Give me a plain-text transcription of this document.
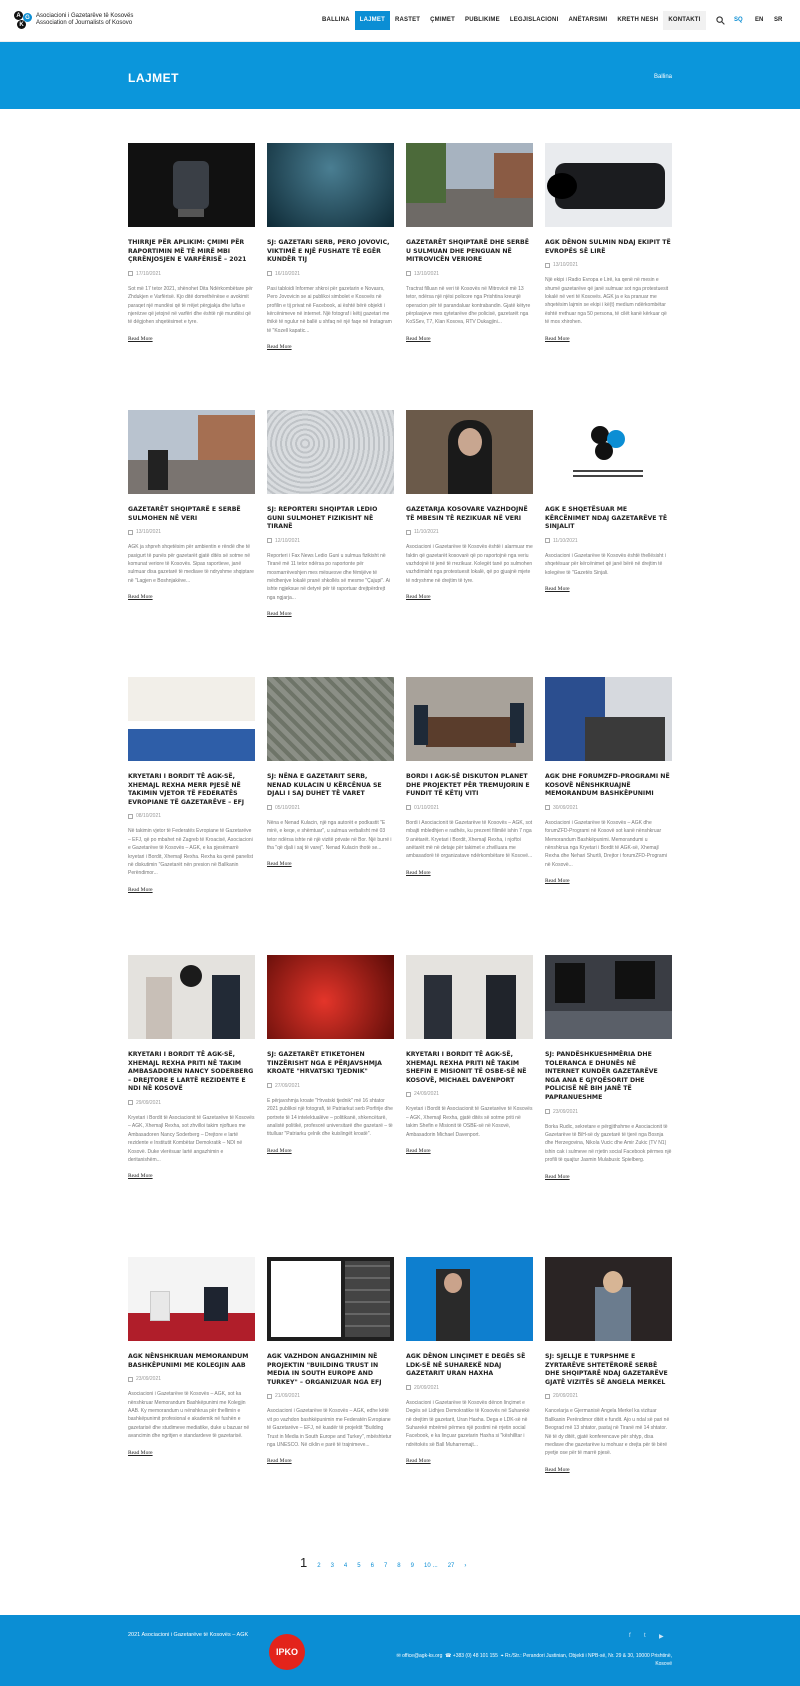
A G
K
Asociacioni i Gazetarëve të Kosovës
Association of Journalists of Kosovo	BALLINA	LAJMET	RASTET	ÇMIMET	PUBLIKIME	LEGJISLACIONI	ANËTARSIMI	KRETH NESH	KONTAKTI	SQ EN SR
LAJMET	Ballina
THIRRJE PËR APLIKIM: ÇMIMI PËR RAPORTIMIN MË TË MIRË MBI ÇRRËNJOSJEN E VARFËRISË – 2021
17/10/2021
Sot më 17 tetor 2021, shënohet Dita Ndërkombëtare për Zhdukjen e Varfërisë. Kjo ditë domethënëse e avokimit paraqet një mundësi që të rrëjet përgjakja dhe lufta e njerëzve që jetojnë në varfëri dhe është një mundësi që të dëgjohen shqetësimet e tyre.
Read More
SJ: GAZETARI SERB, PERO JOVOVIC, VIKTIMË E NJË FUSHATE TË EGËR KUNDËR TIJ
16/10/2021
Pasi tabloidi Informer shkroi për gazetarin e Novasrs, Pero Jovovicin se ai publikoi simbolet e Kosovës në profilin e tij privat në Facebook, ai është bërë objekti i kërcënimeve në internet. Një fotograf i këtij gazetari me thikë të ngulur në ballë u shfaq në një faqe në Instagram të "Kozell kapatic...
Read More
GAZETARËT SHQIPTARË DHE SERBË U SULMUAN DHE PENGUAN NË MITROVICËN VERIORE
13/10/2021
Tractrat filluan në veri të Kosovës në Mitrovicë më 13 tetor, ndërsa një njësi policore nga Prishtina kreunjë operacion për të parandaluar kontrabandin. Gjatë këtyre përplasjeve mes qytetarëve dhe policisë, gazetarët nga KoSSev, T7, Klan Kosova, RTV Dukagjini...
Read More
AGK DËNON SULMIN NDAJ EKIPIT TË EVROPËS SË LIRË
13/10/2021
Një ekipi i Radio Evropa e Lirë, ka qenë në mesin e shumë gazetarëve që janë sulmuar sot nga protestuesit lokalë në veri të Kosovës. AGK ja e ka pranuar me shqetësim lajmin se ekipi i kë(t) medium ndërkombëtar është rrethuar nga 50 persona, të cilët kanë kërkuar që të mos xhirohen.
Read More
GAZETARËT SHQIPTARË E SERBË SULMOHEN NË VERI
13/10/2021
AGK ja shpreh shqetësim për ambientin e rëndë dhe të pasigurt të punës për gazetarët gjatë ditës së sotme në komunat veriore të Kosovës. Sipas raportieve, janë sulmuar disa gazetarë të mediave të ndryshme shqiptare në "Lagjen e Boshnjakëve...
Read More
SJ: REPORTERI SHQIPTAR LEDIO GUNI SULMOHET FIZIKISHT NË TIRANË
12/10/2021
Reporteri i Fax News Ledio Guni u sulmua fizikisht në Tiranë më 11 tetor ndërsa po raportonte për mosmarrëveshjen mes mësuesve dhe fëmijëve të mëdhenjve lokalë pranë shkollës së mesme "Çajupi". Ai ishte ngjeksue në detyrë për të raportuar drejtpërdrejt nga ngjarja...
Read More
GAZETARJA KOSOVARE VAZHDOJNË TË MBESIN TË REZIKUAR NË VERI
11/10/2021
Asociacioni i Gazetarëve të Kosovës është i alarmuar me faktin që gazetarët kosovarë që po raportojnë nga veriu vazhdojnë të jenë të rrezikuar. Kolegët tanë po sulmohen vazhdimisht nga protestuesit lokalë, që po gjuajnë mjete të ndryshme në drejtim të tyre.
Read More
AGK E SHQETËSUAR ME KËRCËNIMET NDAJ GAZETARËVE TË SINJALIT
11/10/2021
Asociacioni i Gazetarëve të Kosovës është thellësisht i shqetësuar për kërcënimet që janë bërë në drejtim të kolegëve të "Gazetës Sinjali.
Read More
KRYETARI I BORDIT TË AGK-SË, XHEMAJL REXHA MERR PJESË NË TAKIMIN VJETOR TË FEDERATËS EVROPIANE TË GAZETARËVE – EFJ
08/10/2021
Në takimin vjetor të Federatës Evropiane të Gazetarëve – EFJ, që po mbahet në Zagreb të Kroacisë, Asociacioni e Gazetarëve të Kosovës – AGK, e ka pjesëmarrë kryetari i Bordit, Xhemajl Rexha. Rexha ka qenë panelist në diskutimin "Gazetarët nën presion në Ballkanin Perëndimor...
Read More
SJ: NËNA E GAZETARIT SERB, NENAD KULACIN U KËRCËNUA SE DJALI I SAJ DUHET TË VARET
05/10/2021
Nëna e Nenad Kulacin, një nga autorët e podkastit "E mirë, e keqe, e shëmtuar", u sulmua verbalisht më 03 tetor ndërsa ishte në një vizitë private në Bor. Një burrë i tha "që djali i saj të varej". Nenad Kulacin thotë se...
Read More
BORDI I AGK-SË DISKUTON PLANET DHE PROJEKTET PËR TREMUJORIN E FUNDIT TË KËTIJ VITI
01/10/2021
Bordi i Asociacionit të Gazetarëve të Kosovës – AGK, sot mbajti mbledhjen e radhës, ku prezent filimilë ishin 7 nga 9 anëtarët. Kryetari i Bordit, Xhemajl Rexha, i njoftoi anëtarët më në detaje për takimet e zhvilluara me ambasadorë të organizatave ndërkombëtare të Kosovë...
Read More
AGK DHE FORUMZFD-PROGRAMI NË KOSOVË NËNSHKRUAJNË MEMORANDUM BASHKËPUNIMI
30/09/2021
Asociacioni i Gazetarëve të Kosovës – AGK dhe forumZFD-Programi në Kosovë sot kanë nënshkruar Memorandum Bashkëpunimi. Memorandumi u nënshkrua nga Kryetari i Bordit të AGK-së, Xhemajl Rexha dhe Nehari Shurtli, Drejtor i forumZFD-Programi në Kosovë...
Read More
KRYETARI I BORDIT TË AGK-SË, XHEMAJL REXHA PRITI NË TAKIM AMBASADOREN NANCY SODERBERG – DREJTORE E LARTË REZIDENTE E NDI NË KOSOVË
29/09/2021
Kryetari i Bordit të Asociacionit të Gazetarëve të Kosovës – AGK, Xhemajl Rexha, sot zhvilloi takim njoftues me Ambasadoren Nancy Soderberg – Drejtore e lartë rezidente e Institutit Kombëtar Demokratik – NDI në Kosovë. Duke vlerësuar lartë angazhimin e deritanishëm...
Read More
SJ: GAZETARËT ETIKETOHEN TINZËRISHT NGA E PËRJAVSHMJA KROATE "HRVATSKI TJEDNIK"
27/09/2021
E përjavshmja kroate "Hrvatski tjednik" më 16 shtator 2021 publikoi një fotografi, të Patriarkut serb Porfirije dhe portrete të 14 intelektualëve – politikanë, shkencëtarë, analistë politikë, profesorë universitarë dhe gazetarë – të titulluar "Patriarku çelnik dhe kuislingët kroatë".
Read More
KRYETARI I BORDIT TË AGK-SË, XHEMAJL REXHA PRITI NË TAKIM SHEFIN E MISIONIT TË OSBE-SË NË KOSOVË, MICHAEL DAVENPORT
24/09/2021
Kryetari i Bordit të Asociacionit të Gazetarëve të Kosovës – AGK, Xhemajl Rexha, gjatë ditës së sotme priti në takim Shefin e Misionit të OSBE-së në Kosovë, Ambasadorin Michael Davenport.
Read More
SJ: PANDËSHKUESHMËRIA DHE TOLERANCA E DHUNËS NË INTERNET KUNDËR GAZETARËVE NGA ANA E GJYQËSORIT DHE POLICISË NË BIH JANË TË PAPRANUESHME
23/09/2021
Borka Rudic, sekretare e përgjithshme e Asociacionit të Gazetarëve të BiH-së dy gazetarë të tjerë nga Bosnja dhe Herzegovina, Nikola Vucic dhe Amir Zukic (TV N1) ishin cak i sulmeve në rrjetin social Facebook përmes një profili të quajtur Jasmin Mulabusic Spielberg.
Read More
AGK NËNSHKRUAN MEMORANDUM BASHKËPUNIMI ME KOLEGJIN AAB
23/09/2021
Asociacioni i Gazetarëve të Kosovës – AGK, sot ka nënshkruar Memorandum Bashkëpunimi me Kolegjin AAB. Ky memorandum u nënshkrua për thellimin e bashkëpunimit profesional e akademik në fushën e gazetarisë dhe studimeve mediatike, duke u bazuar në avancimin dhe ngritjen e standardeve të gazetarisë.
Read More
AGK VAZHDON ANGAZHIMIN NË PROJEKTIN "BUILDING TRUST IN MEDIA IN SOUTH EUROPE AND TURKEY" – ORGANIZUAR NGA EFJ
21/09/2021
Asociacioni i Gazetarëve të Kosovës – AGK, edhe këtë vit po vazhdon bashkëpunimin me Federatën Evropiane të Gazetarëve – EFJ, në kuadër të projektit "Building Trust in Media in South Europe and Turkey", mbështetur nga UNESCO. Në ciklin e parë të trajnimeve...
Read More
AGK DËNON LINÇIMET E DEGËS SË LDK-SË NË SUHAREKË NDAJ GAZETARIT URAN HAXHA
20/09/2021
Asociacioni i Gazetarëve të Kosovës dënon linçimet e Degës së Lidhjes Demokratike të Kosovës në Suharekë në drejtim të gazetarit, Uran Haxha. Dega e LDK-së në Suharekë mbrëmë përmes një postimi në rrjetin social Facebook, e ka linçuar gazetarin Haxha si "këshilltar i ndrëtokës së Ball Muharremajt...
Read More
SJ: SJELLJE E TURPSHME E ZYRTARËVE SHTETËRORË SERBË DHE SHQIPTARË NDAJ GAZETARËVE GJATË VIZITËS SË ANGELA MERKEL
20/09/2021
Kancelarja e Gjermanisë Angela Merkel ka vizituar Ballkanin Perëndimor ditët e fundit. Ajo u ndal së pari në Beograd më 13 shtator, pastaj në Tiranë më 14 shtator. Në të dy ditët, gjatë konferencave për shtyp, disa mediave dhe gazetarëve iu mohuar e drejta për të bërë pyetje ose për të marrë pjesë.
Read More
1 2 3 4 5 6 7 8 9 10 ... 27 ›
2021 Asociacioni i Gazetarëve të Kosovës – AGK
IPKO
f t ▶
✉ office@agk-ks.org ☎ +383 (0) 48 101 155 ⌖ Rr./Str.: Perandori Justinian, Objekti i NPB-së, Nr. 29 & 30, 10000 Prishtinë, Kosovë
